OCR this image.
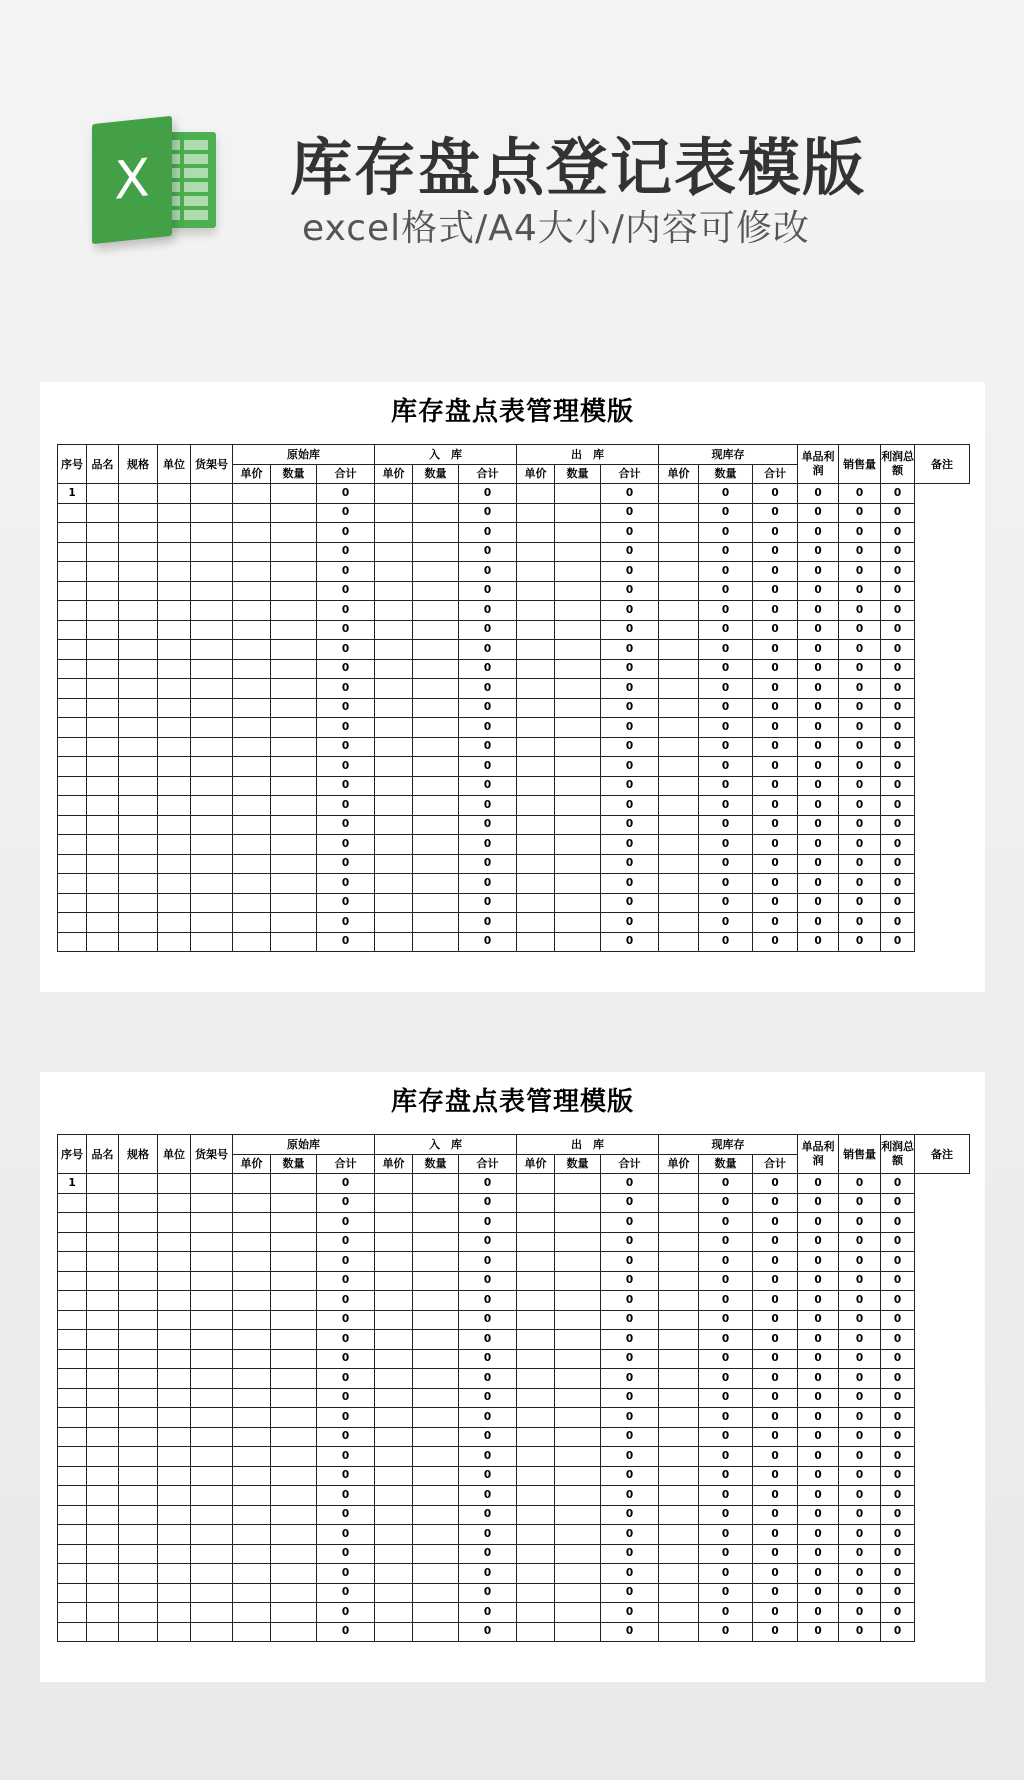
X	库存盘点登记表模版
excel格式/A4大小/内容可修改
库存盘点表管理模版
序号	品名	规格	单位	货架号	原始库			入　库			出　库			现库存			单品利润	销售量	利润总额	备注
					单价	数量	合计	单价	数量	合计	单价	数量	合计	单价	数量	合计				
1							0			0			0		0	0	0	0	0	
							0			0			0		0	0	0	0	0	
							0			0			0		0	0	0	0	0	
							0			0			0		0	0	0	0	0	
							0			0			0		0	0	0	0	0	
							0			0			0		0	0	0	0	0	
							0			0			0		0	0	0	0	0	
							0			0			0		0	0	0	0	0	
							0			0			0		0	0	0	0	0	
							0			0			0		0	0	0	0	0	
							0			0			0		0	0	0	0	0	
							0			0			0		0	0	0	0	0	
							0			0			0		0	0	0	0	0	
							0			0			0		0	0	0	0	0	
							0			0			0		0	0	0	0	0	
							0			0			0		0	0	0	0	0	
							0			0			0		0	0	0	0	0	
							0			0			0		0	0	0	0	0	
							0			0			0		0	0	0	0	0	
							0			0			0		0	0	0	0	0	
							0			0			0		0	0	0	0	0	
							0			0			0		0	0	0	0	0	
							0			0			0		0	0	0	0	0	
							0			0			0		0	0	0	0	0	
库存盘点表管理模版
序号	品名	规格	单位	货架号	原始库			入　库			出　库			现库存			单品利润	销售量	利润总额	备注
					单价	数量	合计	单价	数量	合计	单价	数量	合计	单价	数量	合计				
1							0			0			0		0	0	0	0	0	
							0			0			0		0	0	0	0	0	
							0			0			0		0	0	0	0	0	
							0			0			0		0	0	0	0	0	
							0			0			0		0	0	0	0	0	
							0			0			0		0	0	0	0	0	
							0			0			0		0	0	0	0	0	
							0			0			0		0	0	0	0	0	
							0			0			0		0	0	0	0	0	
							0			0			0		0	0	0	0	0	
							0			0			0		0	0	0	0	0	
							0			0			0		0	0	0	0	0	
							0			0			0		0	0	0	0	0	
							0			0			0		0	0	0	0	0	
							0			0			0		0	0	0	0	0	
							0			0			0		0	0	0	0	0	
							0			0			0		0	0	0	0	0	
							0			0			0		0	0	0	0	0	
							0			0			0		0	0	0	0	0	
							0			0			0		0	0	0	0	0	
							0			0			0		0	0	0	0	0	
							0			0			0		0	0	0	0	0	
							0			0			0		0	0	0	0	0	
							0			0			0		0	0	0	0	0	
